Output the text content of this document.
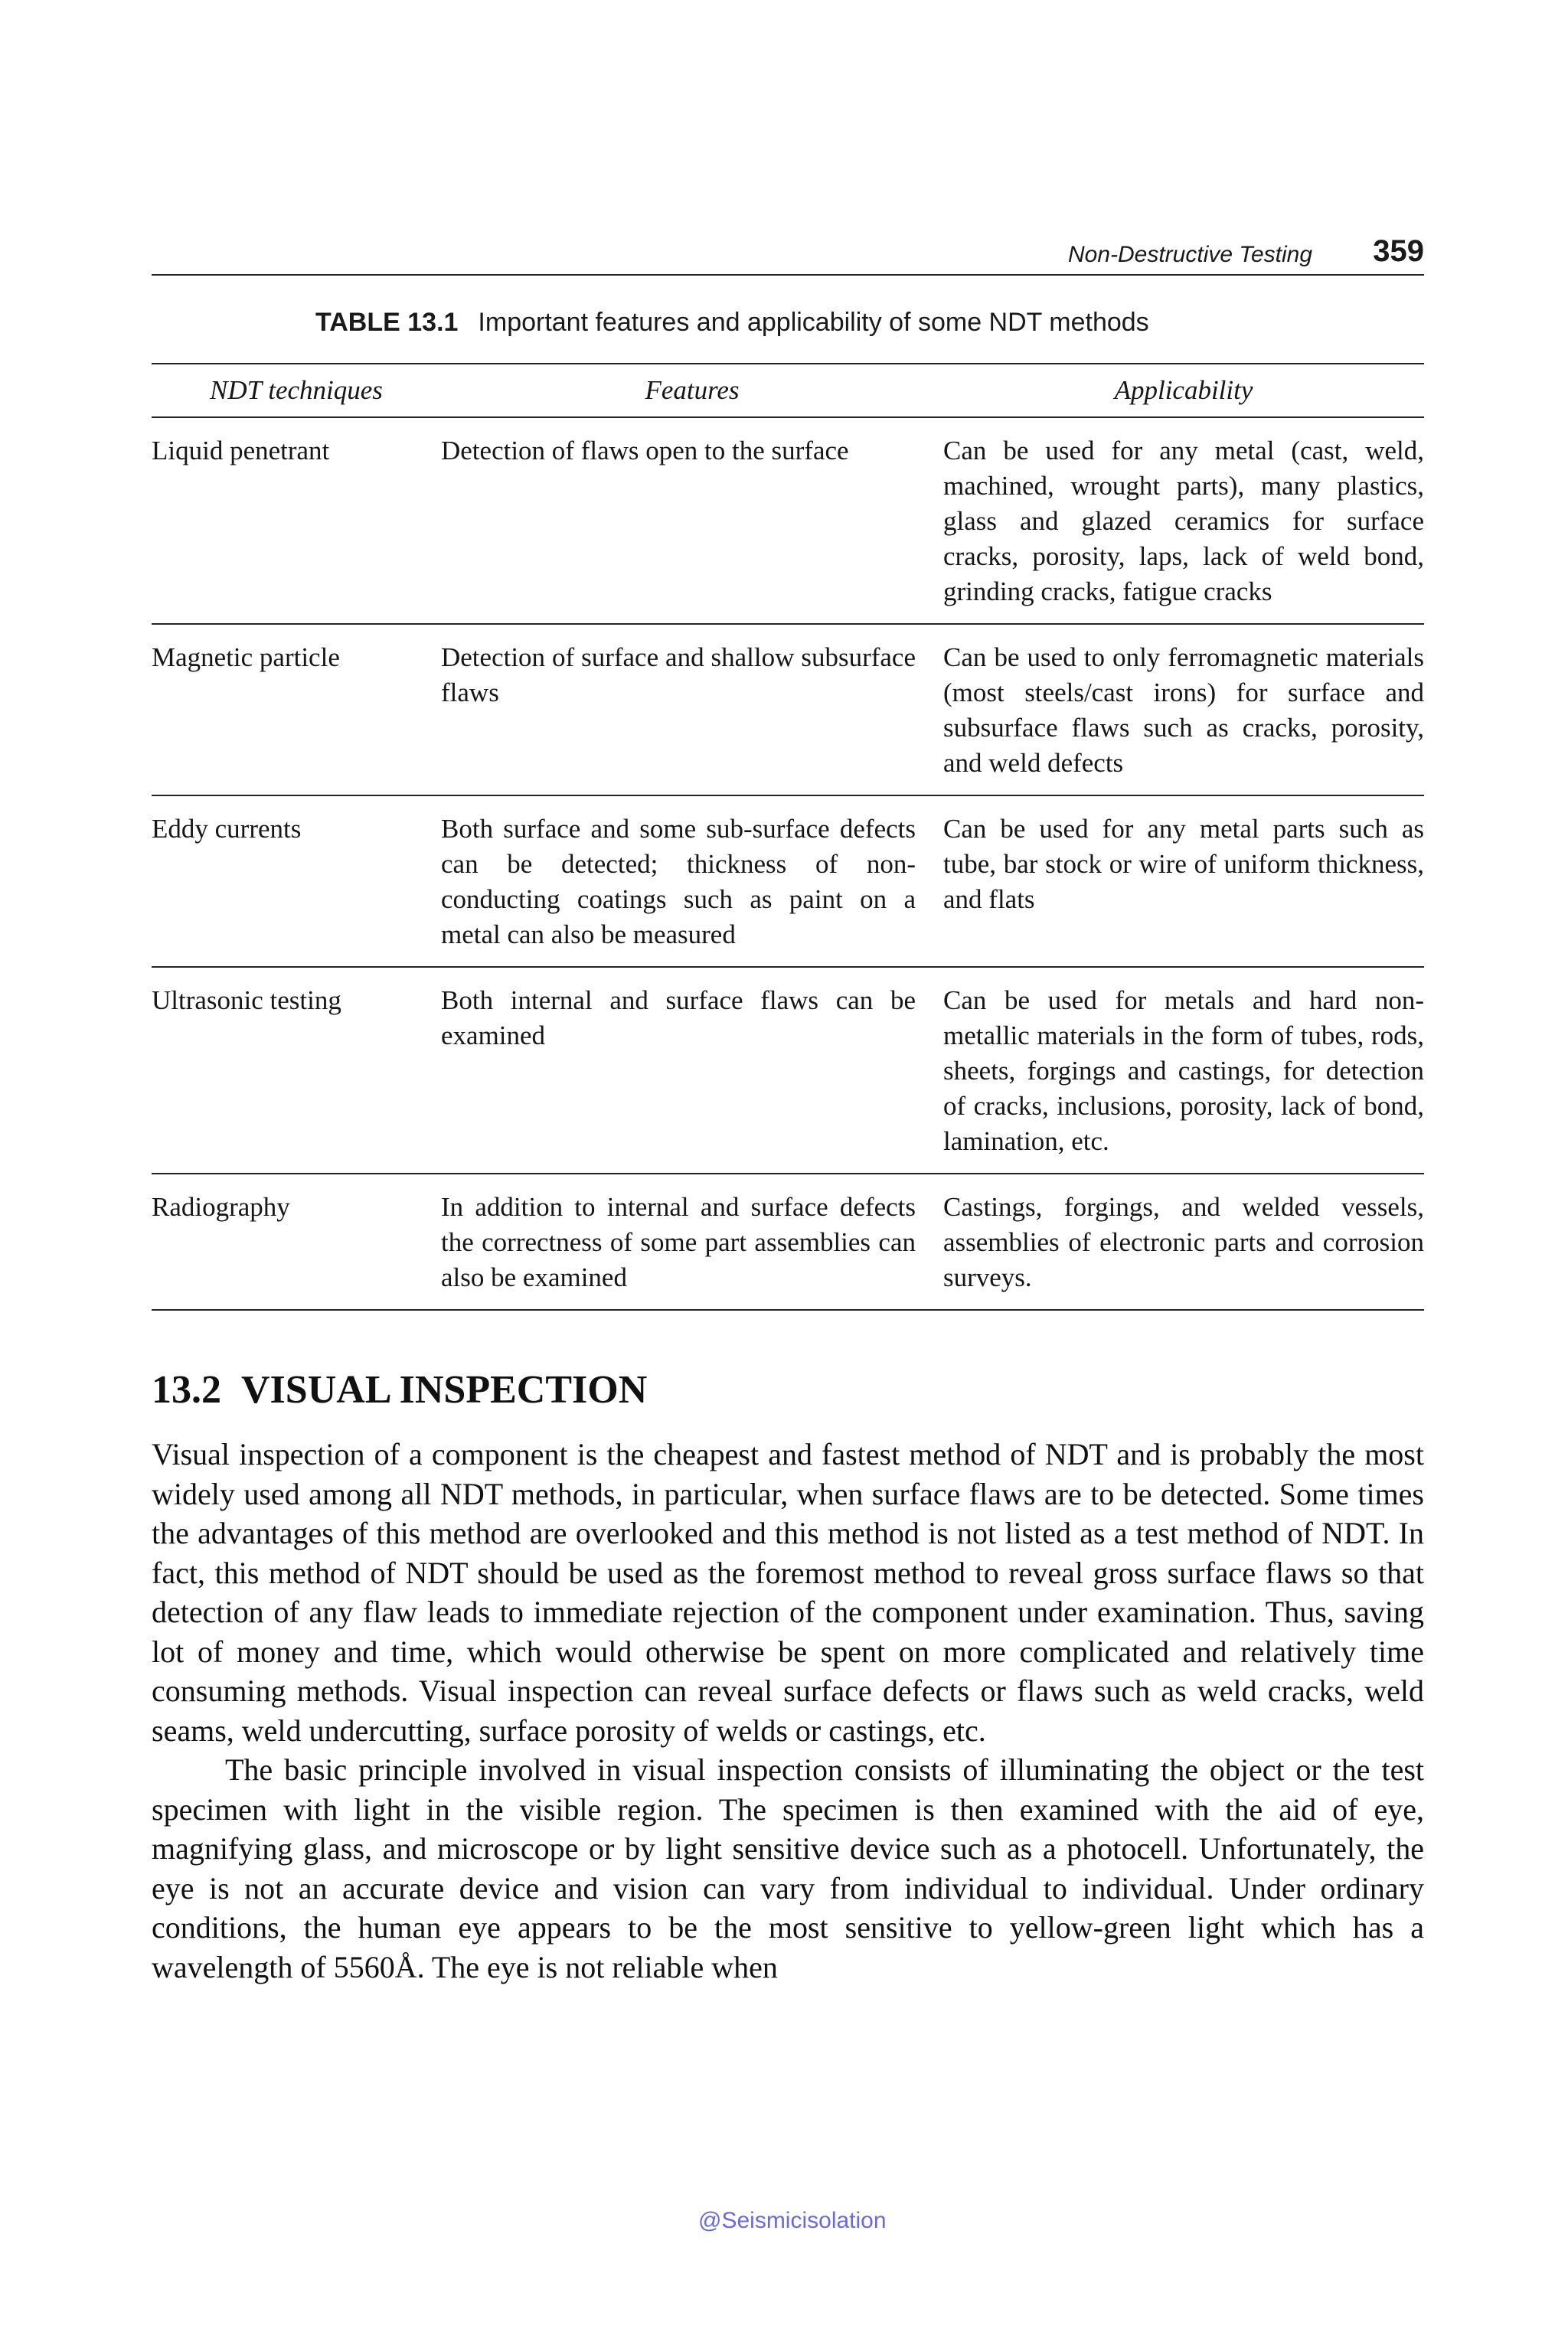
Non-Destructive Testing 359
TABLE 13.1 Important features and applicability of some NDT methods
NDT techniques	Features	Applicability
Liquid penetrant	Detection of flaws open to the surface	Can be used for any metal (cast, weld, machined, wrought parts), many plastics, glass and glazed ceramics for surface cracks, porosity, laps, lack of weld bond, grinding cracks, fatigue cracks
Magnetic particle	Detection of surface and shallow subsurface flaws	Can be used to only ferromagnetic materials (most steels/cast irons) for surface and subsurface flaws such as cracks, porosity, and weld defects
Eddy currents	Both surface and some sub-surface defects can be detected; thickness of non-conducting coatings such as paint on a metal can also be measured	Can be used for any metal parts such as tube, bar stock or wire of uniform thickness, and flats
Ultrasonic testing	Both internal and surface flaws can be examined	Can be used for metals and hard non-metallic materials in the form of tubes, rods, sheets, forgings and castings, for detection of cracks, inclusions, porosity, lack of bond, lamination, etc.
Radiography	In addition to internal and surface defects the correctness of some part assemblies can also be examined	Castings, forgings, and welded vessels, assemblies of electronic parts and corrosion surveys.
13.2 VISUAL INSPECTION

Visual inspection of a component is the cheapest and fastest method of NDT and is probably the most widely used among all NDT methods, in particular, when surface flaws are to be detected. Some times the advantages of this method are overlooked and this method is not listed as a test method of NDT. In fact, this method of NDT should be used as the foremost method to reveal gross surface flaws so that detection of any flaw leads to immediate rejection of the component under examination. Thus, saving lot of money and time, which would otherwise be spent on more complicated and relatively time consuming methods. Visual inspection can reveal surface defects or flaws such as weld cracks, weld seams, weld undercutting, surface porosity of welds or castings, etc.

The basic principle involved in visual inspection consists of illuminating the object or the test specimen with light in the visible region. The specimen is then examined with the aid of eye, magnifying glass, and microscope or by light sensitive device such as a photocell. Unfortunately, the eye is not an accurate device and vision can vary from individual to individual. Under ordinary conditions, the human eye appears to be the most sensitive to yellow-green light which has a wavelength of 5560Å. The eye is not reliable when

@Seismicisolation
